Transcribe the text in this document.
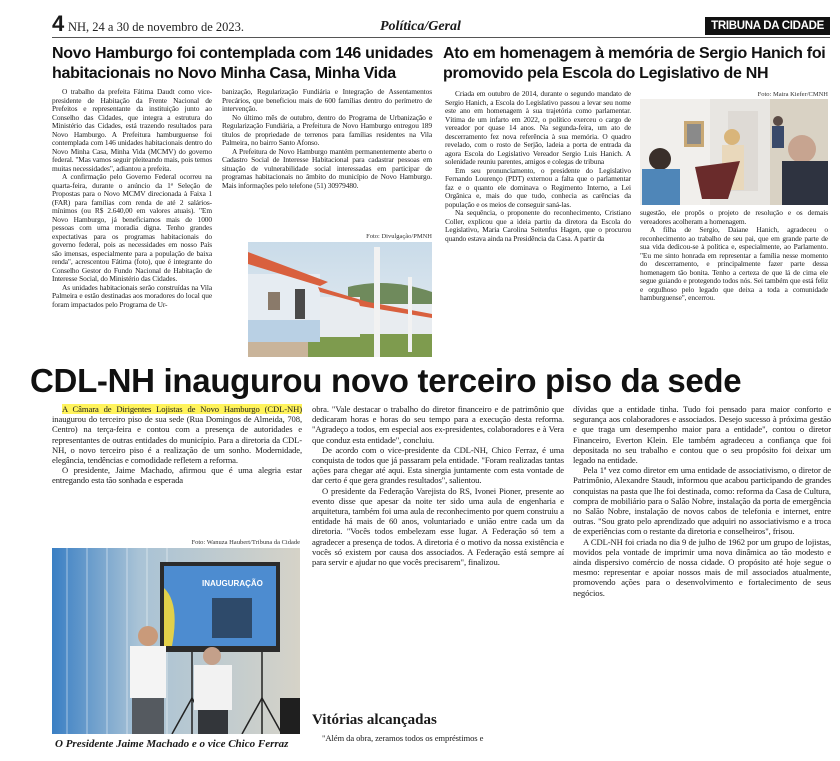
4 NH, 24 a 30 de novembro de 2023.	Política/Geral	TRIBUNA DA CIDADE
Novo Hamburgo foi contemplada com 146 unidades habitacionais no Novo Minha Casa, Minha Vida

O trabalho da prefeita Fátima Daudt como vice-presidente de Habitação da Frente Nacional de Prefeitos e representante da instituição junto ao Conselho das Cidades, que integra a estrutura do Ministério das Cidades, está trazendo resultados para Novo Hamburgo. A Prefeitura hamburguense foi contemplada com 146 unidades habitacionais dentro do Novo Minha Casa, Minha Vida (MCMV) do governo federal. "Mas vamos seguir pleiteando mais, pois temos muitas necessidades", adiantou a prefeita.

A confirmação pelo Governo Federal ocorreu na quarta-feira, durante o anúncio da 1ª Seleção de Propostas para o Novo MCMV direcionada à Faixa 1 (FAR) para famílias com renda de até 2 salários-mínimos (ou R$ 2.640,00 em valores atuais). "Em Novo Hamburgo, já beneficiamos mais de 1000 pessoas com uma moradia digna. Tenho grandes expectativas para os programas habitacionais do governo federal, pois as necessidades em nosso País são imensas, especialmente para a população de baixa renda", acrescentou Fátima (foto), que é integrante do Conselho Gestor do Fundo Nacional de Habitação de Interesse Social, do Ministério das Cidades.

As unidades habitacionais serão construídas na Vila Palmeira e estão destinadas aos moradores do local que foram impactados pelo Programa de Ur-

banização, Regularização Fundiária e Integração de Assentamentos Precários, que beneficiou mais de 600 famílias dentro do perímetro de intervenção.

No último mês de outubro, dentro do Programa de Urbanização e Regularização Fundiária, a Prefeitura de Novo Hamburgo entregou 189 títulos de propriedade de terrenos para famílias residentes na Vila Palmeira, no bairro Santo Afonso.

A Prefeitura de Novo Hamburgo mantém permanentemente aberto o Cadastro Social de Interesse Habitacional para cadastrar pessoas em situação de vulnerabilidade social interessadas em participar de programas habitacionais no âmbito do município de Novo Hamburgo. Mais informações pelo telefone (51) 30979480.

Foto: Divulgação/PMNH
Ato em homenagem à memória de Sergio Hanich foi promovido pela Escola do Legislativo de NH

Criada em outubro de 2014, durante o segundo mandato de Sergio Hanich, a Escola do Legislativo passou a levar seu nome este ano em homenagem à sua trajetória como parlamentar. Vítima de um infarto em 2022, o político exerceu o cargo de vereador por quase 14 anos. Na segunda-feira, um ato de descerramento fez nova referência à sua memória. O quadro revelado, com o rosto de Serjão, ladeia a porta de entrada da agora Escola do Legislativo Vereador Sergio Luis Hanich. A solenidade reuniu parentes, amigos e colegas de tribuna

Em seu pronunciamento, o presidente do Legislativo Fernando Lourenço (PDT) externou a falta que o parlamentar faz e o quanto ele dominava o Regimento Interno, a Lei Orgânica e, mais do que tudo, conhecia as carências da população e os meios de conseguir saná-las.

Na sequência, o proponente do reconhecimento, Cristiano Coller, explicou que a ideia partiu da diretora da Escola do Legislativo, Maria Carolina Seitenfus Hagen, que o procurou quando estava ainda na Presidência da Casa. A partir da

Foto: Maira Kiefer/CMNH

sugestão, ele propôs o projeto de resolução e os demais vereadores acolheram a homenagem.

A filha de Sergio, Daiane Hanich, agradeceu o reconhecimento ao trabalho de seu pai, que em grande parte de sua vida dedicou-se à política e, especialmente, ao Parlamento. "Eu me sinto honrada em representar a família nesse momento do descerramento, e principalmente fazer parte dessa homenagem tão bonita. Tenho a certeza de que lá de cima ele segue guiando e protegendo todos nós. Sei também que está feliz e orgulhoso pelo legado que deixa a toda a comunidade hamburguense", encerrou.

CDL-NH inaugurou novo terceiro piso da sede

A Câmara de Dirigentes Lojistas de Novo Hamburgo (CDL-NH) inaugurou do terceiro piso de sua sede (Rua Domingos de Almeida, 708, Centro) na terça-feira e contou com a presença de autoridades e representantes de outras entidades do município. Para a diretoria da CDL-NH, o novo terceiro piso é a realização de um sonho. Modernidade, elegância, tendências e comodidade refletem a reforma.

O presidente, Jaime Machado, afirmou que é uma alegria estar entregando esta tão sonhada e esperada

Foto: Wanuza Haubert/Tribuna da Cidade
INAUGURAÇÃO
O Presidente Jaime Machado e o vice Chico Ferraz

obra. "Vale destacar o trabalho do diretor financeiro e de patrimônio que dedicaram horas e horas do seu tempo para a execução desta reforma. "Agradeço a todos, em especial aos ex-presidentes, colaboradores e à Vera que conduz esta entidade", concluiu.

De acordo com o vice-presidente da CDL-NH, Chico Ferraz, é uma conquista de todos que já passaram pela entidade. "Foram realizadas tantas ações para chegar até aqui. Esta sinergia juntamente com esta vontade de dar certo é que gera grandes resultados", salientou.

O presidente da Federação Varejista do RS, Ivonei Pioner, presente ao evento disse que apesar da noite ter sido uma aula de engenharia e arquitetura, também foi uma aula de reconhecimento por quem construiu a entidade há mais de 60 anos, voluntariado e união entre cada um da diretoria. "Vocês todos embelezam esse lugar. A Federação só tem a agradecer a presença de todos. A diretoria é o motivo da nossa existência e vocês só existem por causa dos associados. A Federação está sempre aí para servir e ajudar no que vocês precisarem", finalizou.

Vitórias alcançadas

"Além da obra, zeramos todos os empréstimos e

dívidas que a entidade tinha. Tudo foi pensado para maior conforto e segurança aos colaboradores e associados. Desejo sucesso à próxima gestão e que traga um desempenho maior para a entidade", contou o diretor Financeiro, Everton Klein. Ele também agradeceu a confiança que foi depositada no seu trabalho e contou que o seu propósito foi deixar um legado na entidade.

Pela 1ª vez como diretor em uma entidade de associativismo, o diretor de Patrimônio, Alexandre Staudt, informou que acabou participando de grandes conquistas na pasta que lhe foi destinada, como: reforma da Casa de Cultura, compra de mobiliário para o Salão Nobre, instalação da porta de emergência no Salão Nobre, instalação de novos cabos de telefonia e internet, entre outras. "Sou grato pelo aprendizado que adquiri no associativismo e a troca de experiências com o restante da diretoria e conselheiros", frisou.

A CDL-NH foi criada no dia 9 de julho de 1962 por um grupo de lojistas, movidos pela vontade de imprimir uma nova dinâmica ao tão modesto e ainda dispersivo comércio de nossa cidade. O propósito até hoje segue o mesmo: representar e apoiar nossos mais de mil associados atualmente, promovendo ações para o desenvolvimento e fortalecimento de seus negócios.
